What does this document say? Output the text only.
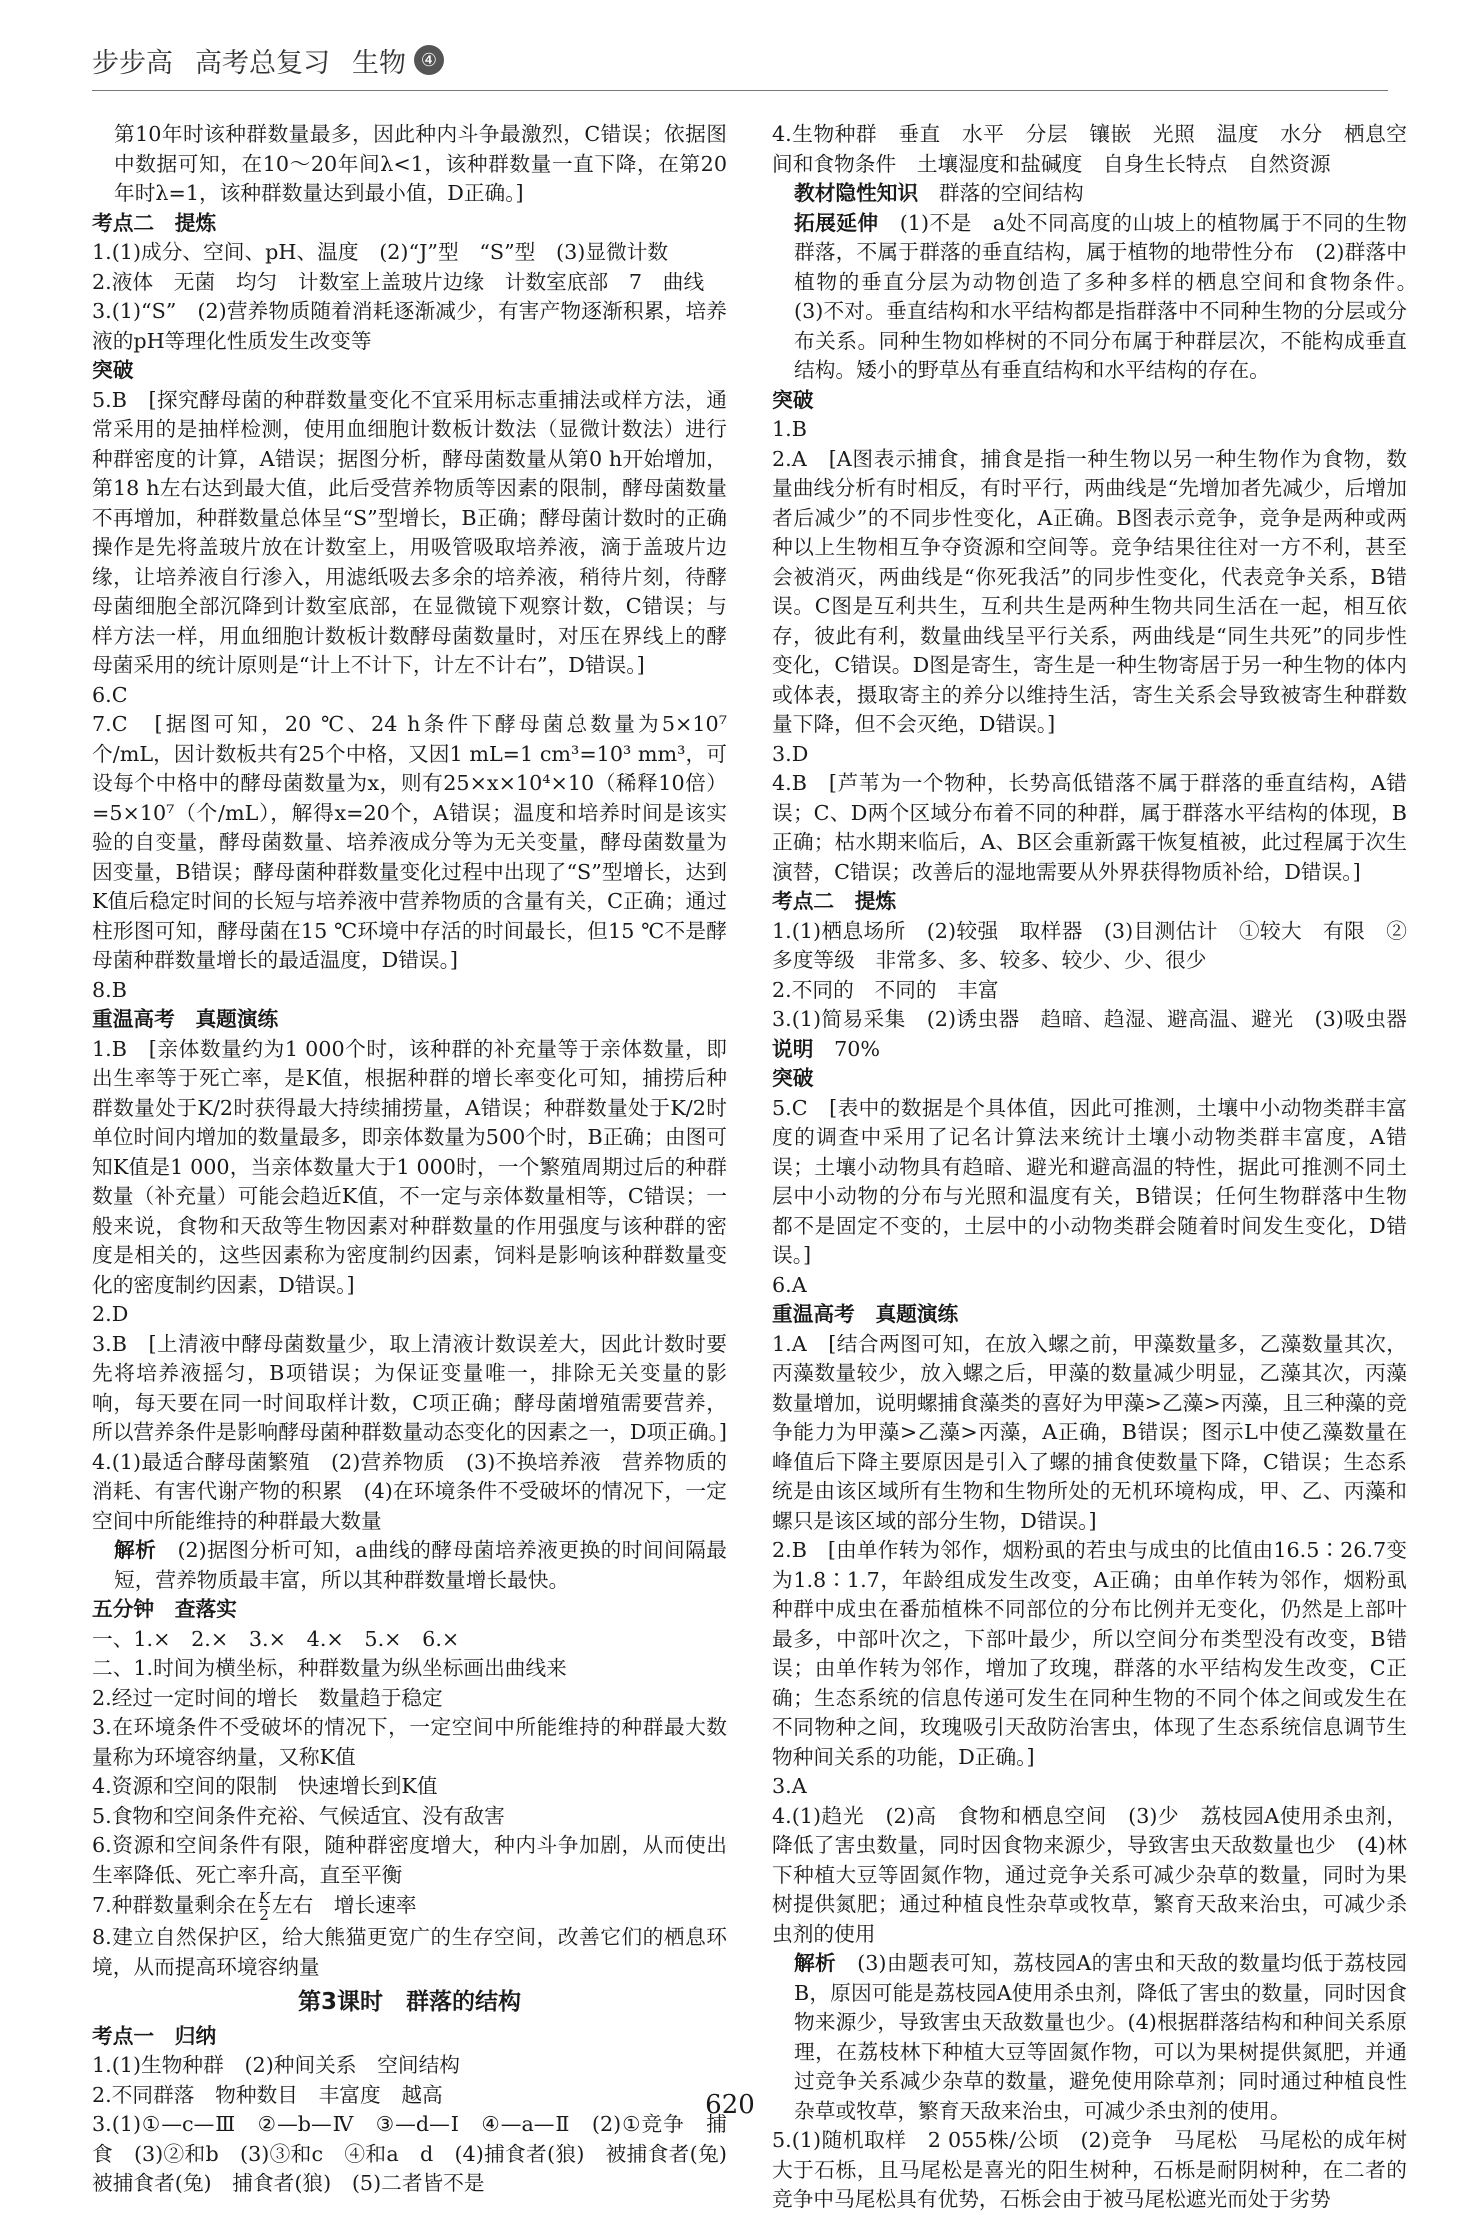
步步高 高考总复习 生物 ④

第10年时该种群数量最多，因此种内斗争最激烈，C错误；依据图中数据可知，在10～20年间λ<1，该种群数量一直下降，在第20年时λ=1，该种群数量达到最小值，D正确。]

考点二　提炼

1.(1)成分、空间、pH、温度　(2)“J”型　“S”型　(3)显微计数

2.液体　无菌　均匀　计数室上盖玻片边缘　计数室底部　7　曲线

3.(1)“S”　(2)营养物质随着消耗逐渐减少，有害产物逐渐积累，培养液的pH等理化性质发生改变等

突破

5.B　[探究酵母菌的种群数量变化不宜采用标志重捕法或样方法，通常采用的是抽样检测，使用血细胞计数板计数法（显微计数法）进行种群密度的计算，A错误；据图分析，酵母菌数量从第0 h开始增加，第18 h左右达到最大值，此后受营养物质等因素的限制，酵母菌数量不再增加，种群数量总体呈“S”型增长，B正确；酵母菌计数时的正确操作是先将盖玻片放在计数室上，用吸管吸取培养液，滴于盖玻片边缘，让培养液自行渗入，用滤纸吸去多余的培养液，稍待片刻，待酵母菌细胞全部沉降到计数室底部，在显微镜下观察计数，C错误；与样方法一样，用血细胞计数板计数酵母菌数量时，对压在界线上的酵母菌采用的统计原则是“计上不计下，计左不计右”，D错误。]

6.C

7.C　[据图可知，20 ℃、24 h条件下酵母菌总数量为5×10⁷个/mL，因计数板共有25个中格，又因1 mL=1 cm³=10³ mm³，可设每个中格中的酵母菌数量为x，则有25×x×10⁴×10（稀释10倍）=5×10⁷（个/mL），解得x=20个，A错误；温度和培养时间是该实验的自变量，酵母菌数量、培养液成分等为无关变量，酵母菌数量为因变量，B错误；酵母菌种群数量变化过程中出现了“S”型增长，达到K值后稳定时间的长短与培养液中营养物质的含量有关，C正确；通过柱形图可知，酵母菌在15 ℃环境中存活的时间最长，但15 ℃不是酵母菌种群数量增长的最适温度，D错误。]

8.B

重温高考　真题演练

1.B　[亲体数量约为1 000个时，该种群的补充量等于亲体数量，即出生率等于死亡率，是K值，根据种群的增长率变化可知，捕捞后种群数量处于K/2时获得最大持续捕捞量，A错误；种群数量处于K/2时单位时间内增加的数量最多，即亲体数量为500个时，B正确；由图可知K值是1 000，当亲体数量大于1 000时，一个繁殖周期过后的种群数量（补充量）可能会趋近K值，不一定与亲体数量相等，C错误；一般来说，食物和天敌等生物因素对种群数量的作用强度与该种群的密度是相关的，这些因素称为密度制约因素，饲料是影响该种群数量变化的密度制约因素，D错误。]

2.D

3.B　[上清液中酵母菌数量少，取上清液计数误差大，因此计数时要先将培养液摇匀，B项错误；为保证变量唯一，排除无关变量的影响，每天要在同一时间取样计数，C项正确；酵母菌增殖需要营养，所以营养条件是影响酵母菌种群数量动态变化的因素之一，D项正确。]

4.(1)最适合酵母菌繁殖　(2)营养物质　(3)不换培养液　营养物质的消耗、有害代谢产物的积累　(4)在环境条件不受破坏的情况下，一定空间中所能维持的种群最大数量

解析　 (2)据图分析可知，a曲线的酵母菌培养液更换的时间间隔最短，营养物质最丰富，所以其种群数量增长最快。

五分钟　查落实

一、1.×　2.×　3.×　4.×　5.×　6.×

二、1.时间为横坐标，种群数量为纵坐标画出曲线来

2.经过一定时间的增长　数量趋于稳定

3.在环境条件不受破坏的情况下，一定空间中所能维持的种群最大数量称为环境容纳量，又称K值

4.资源和空间的限制　快速增长到K值

5.食物和空间条件充裕、气候适宜、没有敌害

6.资源和空间条件有限，随种群密度增大，种内斗争加剧，从而使出生率降低、死亡率升高，直至平衡

7.种群数量剩余在 $\frac{K}{2}$ 左右　增长速率

8.建立自然保护区，给大熊猫更宽广的生存空间，改善它们的栖息环境，从而提高环境容纳量

第3课时　群落的结构

考点一　归纳

1.(1)生物种群　(2)种间关系　空间结构

2.不同群落　物种数目　丰富度　越高

3.(1)①—c—Ⅲ　②—b—Ⅳ　③—d—Ⅰ　④—a—Ⅱ　(2)①竞争　捕食　(3)②和b　(3)③和c　④和a　d　(4)捕食者(狼)　被捕食者(兔)　被捕食者(兔)　捕食者(狼)　(5)二者皆不是

4.生物种群　垂直　水平　分层　镶嵌　光照　温度　水分　栖息空间和食物条件　土壤湿度和盐碱度　自身生长特点　自然资源

教材隐性知识　 群落的空间结构

拓展延伸　 (1)不是　a处不同高度的山坡上的植物属于不同的生物群落，不属于群落的垂直结构，属于植物的地带性分布　(2)群落中植物的垂直分层为动物创造了多种多样的栖息空间和食物条件。　(3)不对。垂直结构和水平结构都是指群落中不同种生物的分层或分布关系。同种生物如桦树的不同分布属于种群层次，不能构成垂直结构。矮小的野草丛有垂直结构和水平结构的存在。

突破

1.B

2.A　[A图表示捕食，捕食是指一种生物以另一种生物作为食物，数量曲线分析有时相反，有时平行，两曲线是“先增加者先减少，后增加者后减少”的不同步性变化，A正确。B图表示竞争，竞争是两种或两种以上生物相互争夺资源和空间等。竞争结果往往对一方不利，甚至会被消灭，两曲线是“你死我活”的同步性变化，代表竞争关系，B错误。C图是互利共生，互利共生是两种生物共同生活在一起，相互依存，彼此有利，数量曲线呈平行关系，两曲线是“同生共死”的同步性变化，C错误。D图是寄生，寄生是一种生物寄居于另一种生物的体内或体表，摄取寄主的养分以维持生活，寄生关系会导致被寄生种群数量下降，但不会灭绝，D错误。]

3.D

4.B　[芦苇为一个物种，长势高低错落不属于群落的垂直结构，A错误；C、D两个区域分布着不同的种群，属于群落水平结构的体现，B正确；枯水期来临后，A、B区会重新露干恢复植被，此过程属于次生演替，C错误；改善后的湿地需要从外界获得物质补给，D错误。]

考点二　提炼

1.(1)栖息场所　(2)较强　取样器　(3)目测估计　①较大　有限　②多度等级　非常多、多、较多、较少、少、很少

2.不同的　不同的　丰富

3.(1)简易采集　(2)诱虫器　趋暗、趋湿、避高温、避光　(3)吸虫器　说明　 70%

突破

5.C　[表中的数据是个具体值，因此可推测，土壤中小动物类群丰富度的调查中采用了记名计算法来统计土壤小动物类群丰富度，A错误；土壤小动物具有趋暗、避光和避高温的特性，据此可推测不同土层中小动物的分布与光照和温度有关，B错误；任何生物群落中生物都不是固定不变的，土层中的小动物类群会随着时间发生变化，D错误。]

6.A

重温高考　真题演练

1.A　[结合两图可知，在放入螺之前，甲藻数量多，乙藻数量其次，丙藻数量较少，放入螺之后，甲藻的数量减少明显，乙藻其次，丙藻数量增加，说明螺捕食藻类的喜好为甲藻>乙藻>丙藻，且三种藻的竞争能力为甲藻>乙藻>丙藻，A正确，B错误；图示L中使乙藻数量在峰值后下降主要原因是引入了螺的捕食使数量下降，C错误；生态系统是由该区域所有生物和生物所处的无机环境构成，甲、乙、丙藻和螺只是该区域的部分生物，D错误。]

2.B　[由单作转为邻作，烟粉虱的若虫与成虫的比值由16.5∶26.7变为1.8∶1.7，年龄组成发生改变，A正确；由单作转为邻作，烟粉虱种群中成虫在番茄植株不同部位的分布比例并无变化，仍然是上部叶最多，中部叶次之，下部叶最少，所以空间分布类型没有改变，B错误；由单作转为邻作，增加了玫瑰，群落的水平结构发生改变，C正确；生态系统的信息传递可发生在同种生物的不同个体之间或发生在不同物种之间，玫瑰吸引天敌防治害虫，体现了生态系统信息调节生物种间关系的功能，D正确。]

3.A

4.(1)趋光　(2)高　食物和栖息空间　(3)少　荔枝园A使用杀虫剂，降低了害虫数量，同时因食物来源少，导致害虫天敌数量也少　(4)林下种植大豆等固氮作物，通过竞争关系可减少杂草的数量，同时为果树提供氮肥；通过种植良性杂草或牧草，繁育天敌来治虫，可减少杀虫剂的使用

解析　 (3)由题表可知，荔枝园A的害虫和天敌的数量均低于荔枝园B，原因可能是荔枝园A使用杀虫剂，降低了害虫的数量，同时因食物来源少，导致害虫天敌数量也少。(4)根据群落结构和种间关系原理，在荔枝林下种植大豆等固氮作物，可以为果树提供氮肥，并通过竞争关系减少杂草的数量，避免使用除草剂；同时通过种植良性杂草或牧草，繁育天敌来治虫，可减少杀虫剂的使用。

5.(1)随机取样　2 055株/公顷　(2)竞争　马尾松　马尾松的成年树大于石栎，且马尾松是喜光的阳生树种，石栎是耐阴树种，在二者的竞争中马尾松具有优势，石栎会由于被马尾松遮光而处于劣势

620
